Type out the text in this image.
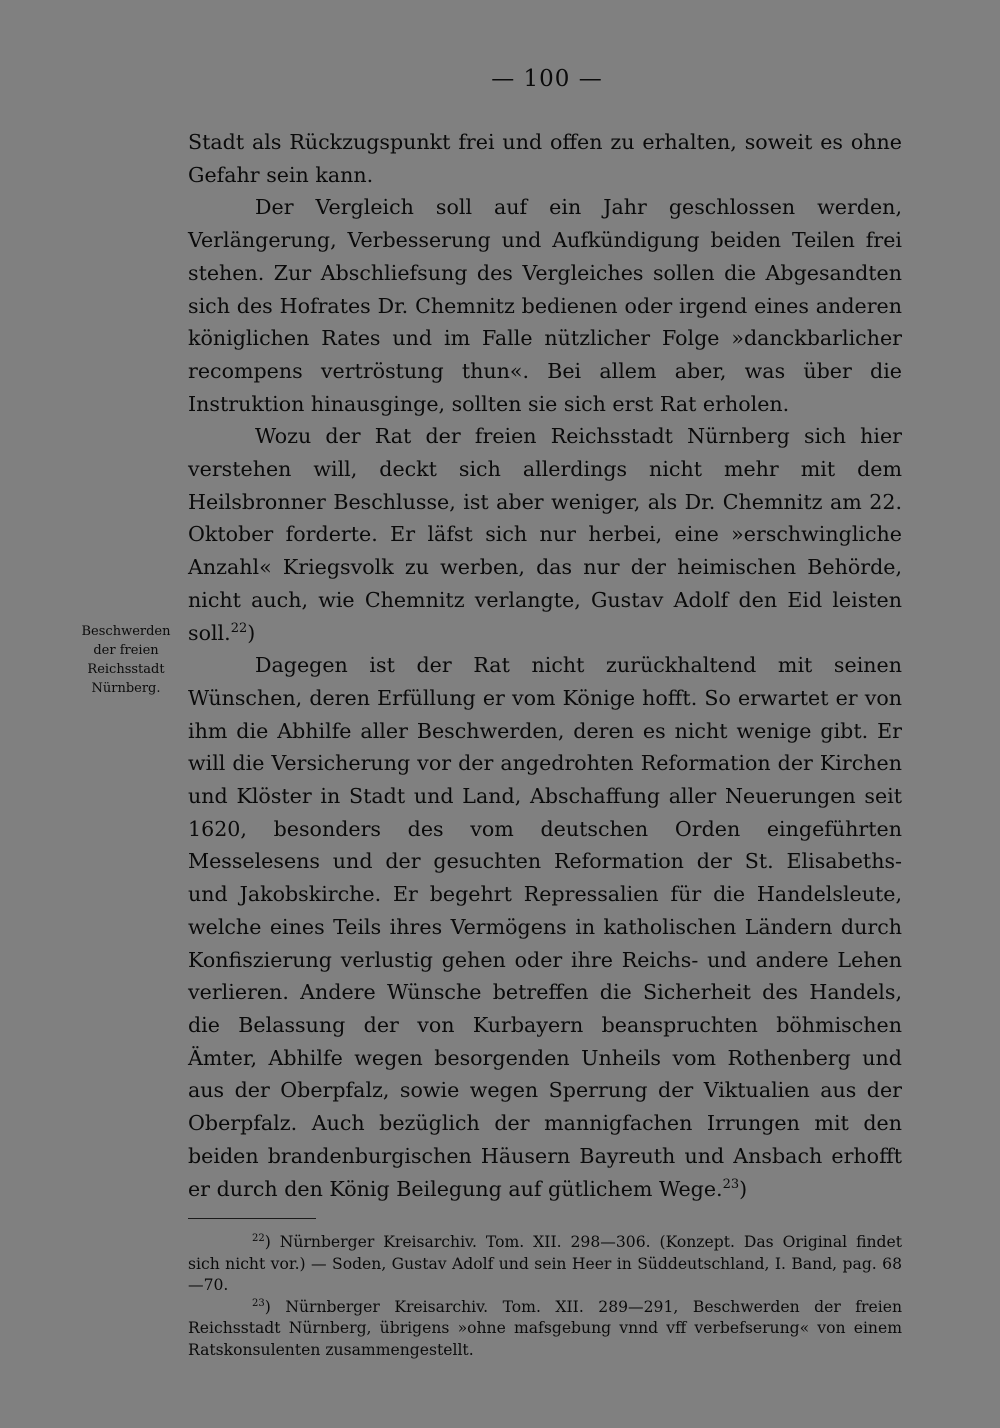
— 100 —
Beschwerden der freien Reichsstadt Nürnberg.

Stadt als Rückzugspunkt frei und offen zu erhalten, soweit es ohne Gefahr sein kann.

Der Vergleich soll auf ein Jahr geschlossen werden, Verlängerung, Verbesserung und Aufkündigung beiden Teilen frei stehen. Zur Abschliefsung des Vergleiches sollen die Abgesandten sich des Hofrates Dr. Chemnitz bedienen oder irgend eines anderen königlichen Rates und im Falle nützlicher Folge »danckbarlicher recompens vertröstung thun«. Bei allem aber, was über die Instruktion hinausginge, sollten sie sich erst Rat erholen.

Wozu der Rat der freien Reichsstadt Nürnberg sich hier verstehen will, deckt sich allerdings nicht mehr mit dem Heilsbronner Beschlusse, ist aber weniger, als Dr. Chemnitz am 22. Oktober forderte. Er läfst sich nur herbei, eine »erschwingliche Anzahl« Kriegsvolk zu werben, das nur der heimischen Behörde, nicht auch, wie Chemnitz verlangte, Gustav Adolf den Eid leisten soll.$^{22}$)

Dagegen ist der Rat nicht zurückhaltend mit seinen Wünschen, deren Erfüllung er vom Könige hofft. So erwartet er von ihm die Abhilfe aller Beschwerden, deren es nicht wenige gibt. Er will die Versicherung vor der angedrohten Reformation der Kirchen und Klöster in Stadt und Land, Abschaffung aller Neuerungen seit 1620, besonders des vom deutschen Orden eingeführten Messelesens und der gesuchten Reformation der St. Elisabeths- und Jakobskirche. Er begehrt Repressalien für die Handelsleute, welche eines Teils ihres Vermögens in katholischen Ländern durch Konfiszierung verlustig gehen oder ihre Reichs- und andere Lehen verlieren. Andere Wünsche betreffen die Sicherheit des Handels, die Belassung der von Kurbayern beanspruchten böhmischen Ämter, Abhilfe wegen besorgenden Unheils vom Rothenberg und aus der Oberpfalz, sowie wegen Sperrung der Viktualien aus der Oberpfalz. Auch bezüglich der mannigfachen Irrungen mit den beiden brandenburgischen Häusern Bayreuth und Ansbach erhofft er durch den König Beilegung auf gütlichem Wege.$^{23}$)

$^{22}$) Nürnberger Kreisarchiv. Tom. XII. 298—306. (Konzept. Das Original findet sich nicht vor.) — Soden, Gustav Adolf und sein Heer in Süddeutschland, I. Band, pag. 68—70.

$^{23}$) Nürnberger Kreisarchiv. Tom. XII. 289—291, Beschwerden der freien Reichsstadt Nürnberg, übrigens »ohne mafsgebung vnnd vff verbefserung« von einem Ratskonsulenten zusammengestellt.
